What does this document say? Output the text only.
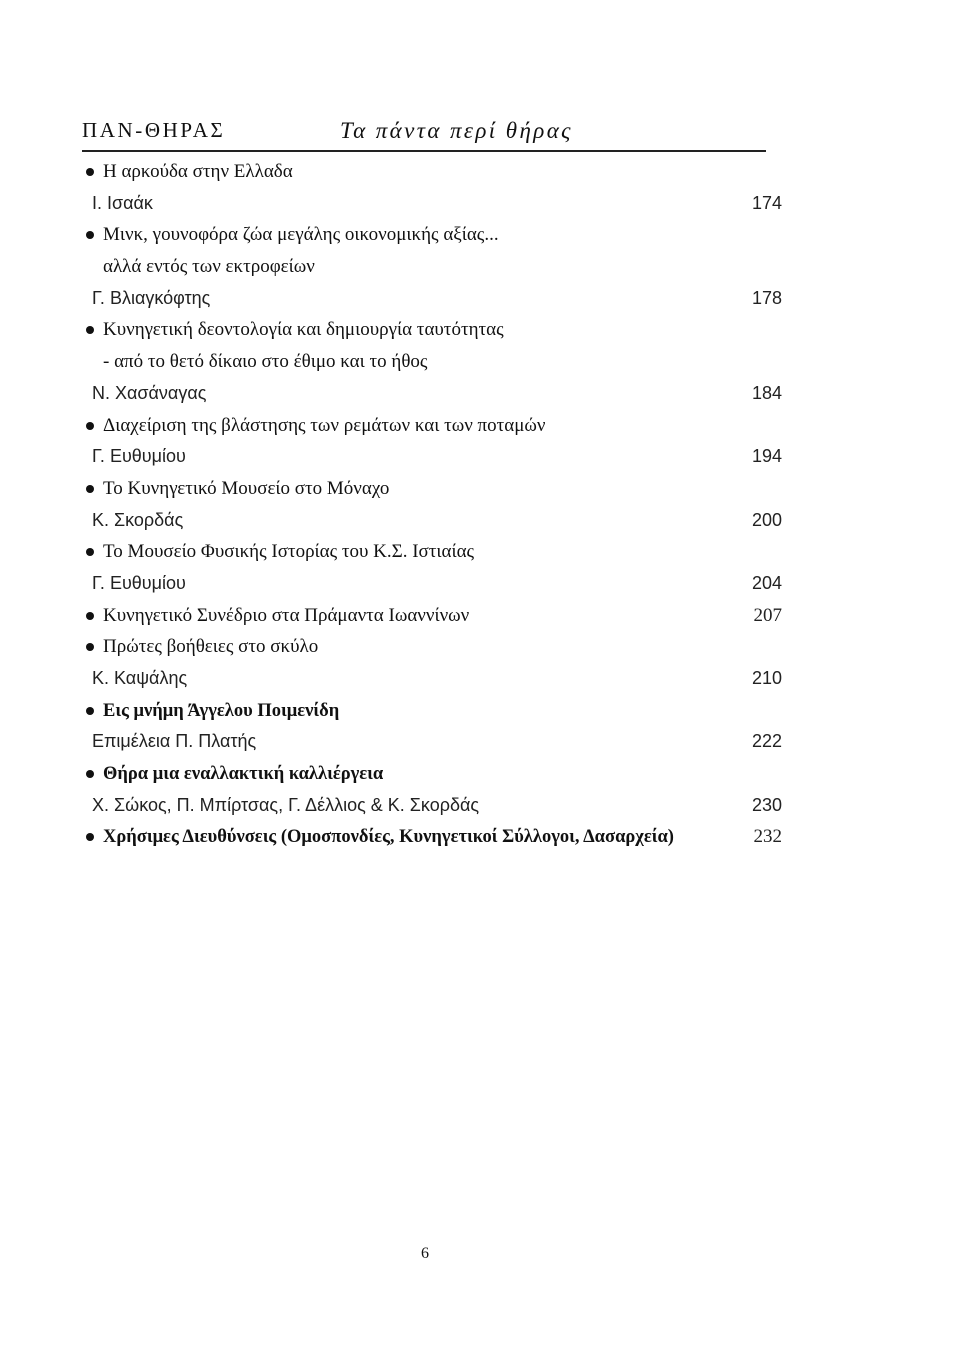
ΠΑΝ-ΘΗΡΑΣ	Τα πάντα περί θήρας
Η αρκούδα στην Ελλαδα
Ι. Ισαάκ	174
Μινκ, γουνοφόρα ζώα μεγάλης οικονομικής αξίας...
αλλά εντός των εκτροφείων
Γ. Βλιαγκόφτης	178
Κυνηγετική δεοντολογία και δημιουργία ταυτότητας
- από το θετό δίκαιο στο έθιμο και το ήθος
Ν. Χασάναγας	184
Διαχείριση της βλάστησης των ρεμάτων και των ποταμών
Γ. Ευθυμίου	194
Το Κυνηγετικό Μουσείο στο Μόναχο
Κ. Σκορδάς	200
Το Μουσείο Φυσικής Ιστορίας του Κ.Σ. Ιστιαίας
Γ. Ευθυμίου	204
Κυνηγετικό Συνέδριο στα Πράμαντα Ιωαννίνων	207
Πρώτες βοήθειες στο σκύλο
Κ. Καψάλης	210
Εις μνήμη Άγγελου Ποιμενίδη
Επιμέλεια Π. Πλατής	222
Θήρα μια εναλλακτική καλλιέργεια
Χ. Σώκος, Π. Μπίρτσας, Γ. Δέλλιος & Κ. Σκορδάς	230
Χρήσιμες Διευθύνσεις (Ομοσπονδίες, Κυνηγετικοί Σύλλογοι, Δασαρχεία)	232
6
